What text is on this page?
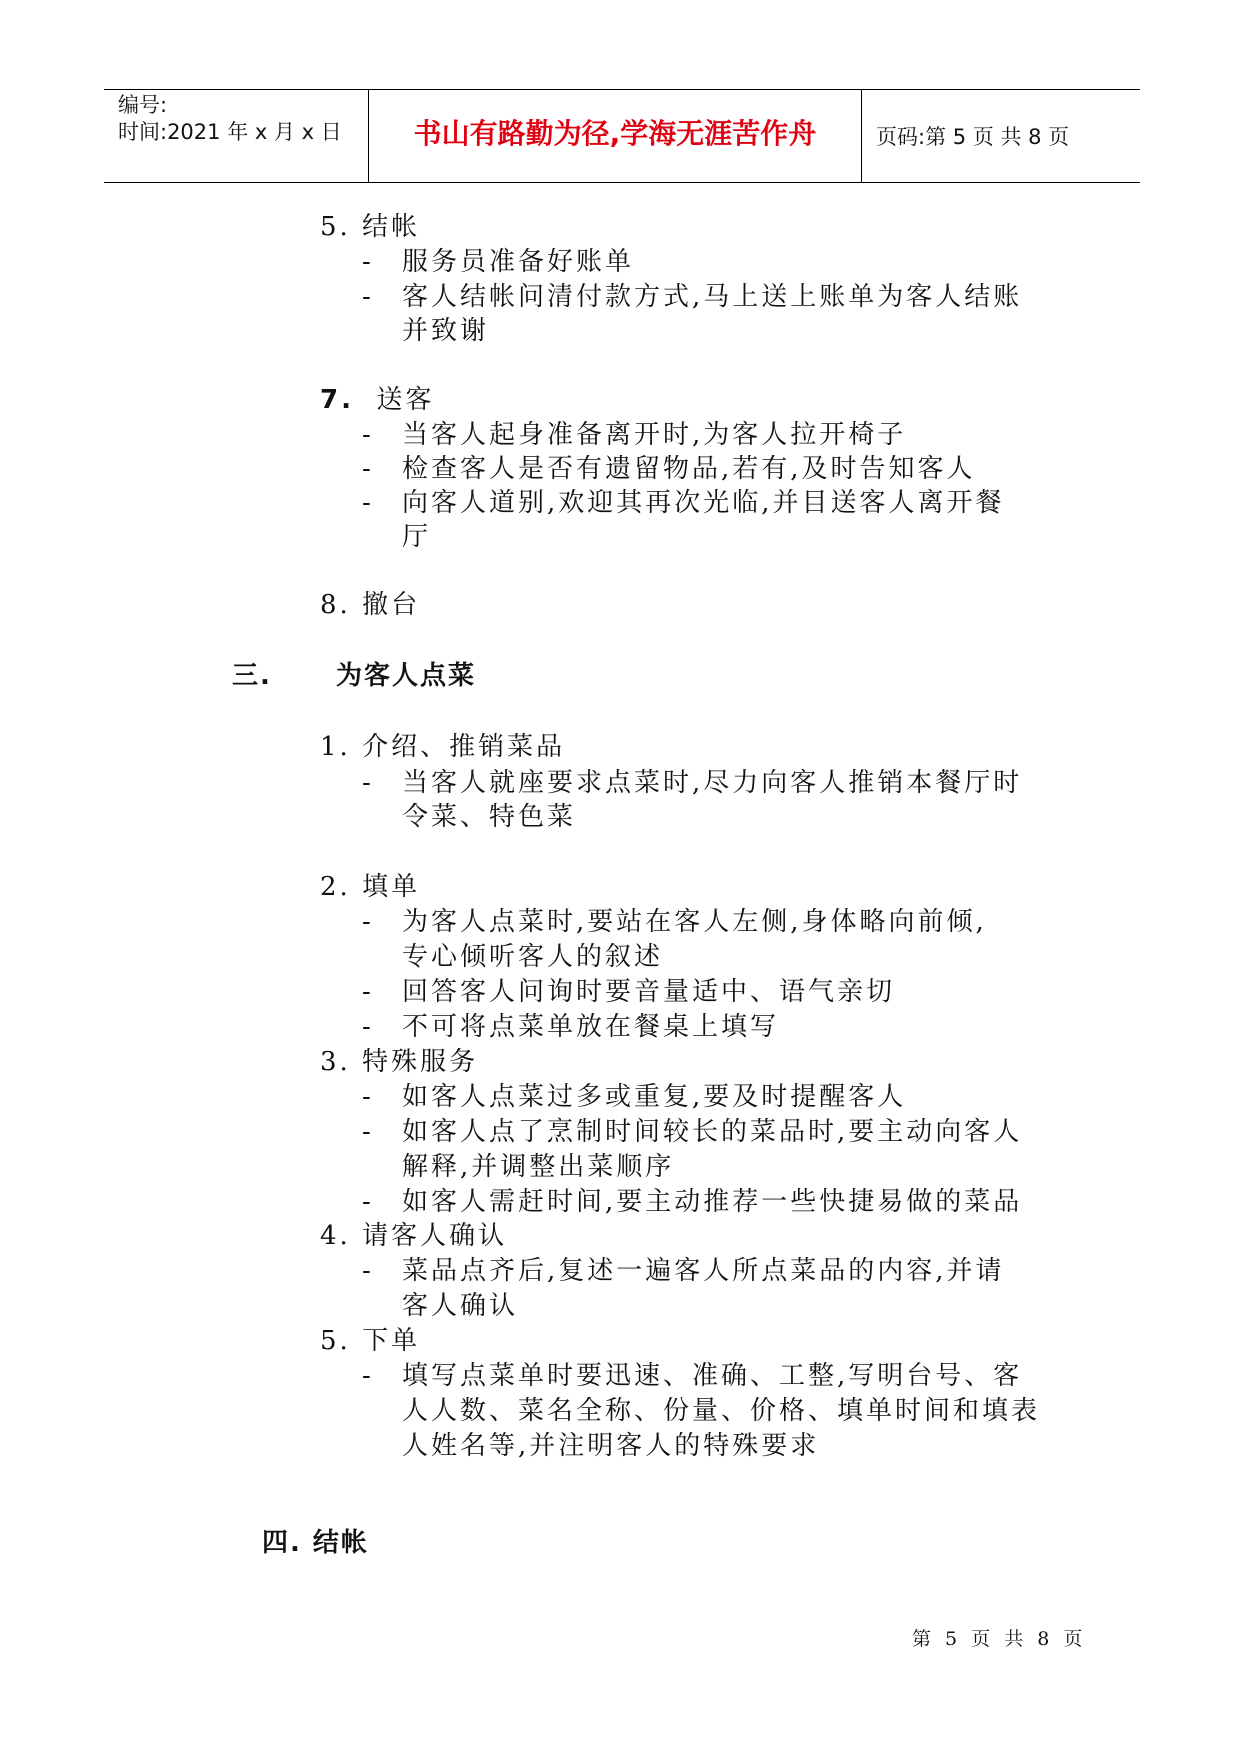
编号:
时间:2021 年 x 月 x 日	书山有路勤为径,学海无涯苦作舟	页码:第 5 页 共 8 页
5. 结帐
- 服务员准备好账单
- 客人结帐问清付款方式,马上送上账单为客人结账
并致谢
7. 送客
- 当客人起身准备离开时,为客人拉开椅子
- 检查客人是否有遗留物品,若有,及时告知客人
- 向客人道别,欢迎其再次光临,并目送客人离开餐
厅
8. 撤台
三. 为客人点菜
1. 介绍、推销菜品
- 当客人就座要求点菜时,尽力向客人推销本餐厅时
令菜、特色菜
2. 填单
- 为客人点菜时,要站在客人左侧,身体略向前倾,
专心倾听客人的叙述
- 回答客人问询时要音量适中、语气亲切
- 不可将点菜单放在餐桌上填写
3. 特殊服务
- 如客人点菜过多或重复,要及时提醒客人
- 如客人点了烹制时间较长的菜品时,要主动向客人
解释,并调整出菜顺序
- 如客人需赶时间,要主动推荐一些快捷易做的菜品
4. 请客人确认
- 菜品点齐后,复述一遍客人所点菜品的内容,并请
客人确认
5. 下单
- 填写点菜单时要迅速、准确、工整,写明台号、客
人人数、菜名全称、份量、价格、填单时间和填表
人姓名等,并注明客人的特殊要求
四. 结帐
第 5 页 共 8 页
